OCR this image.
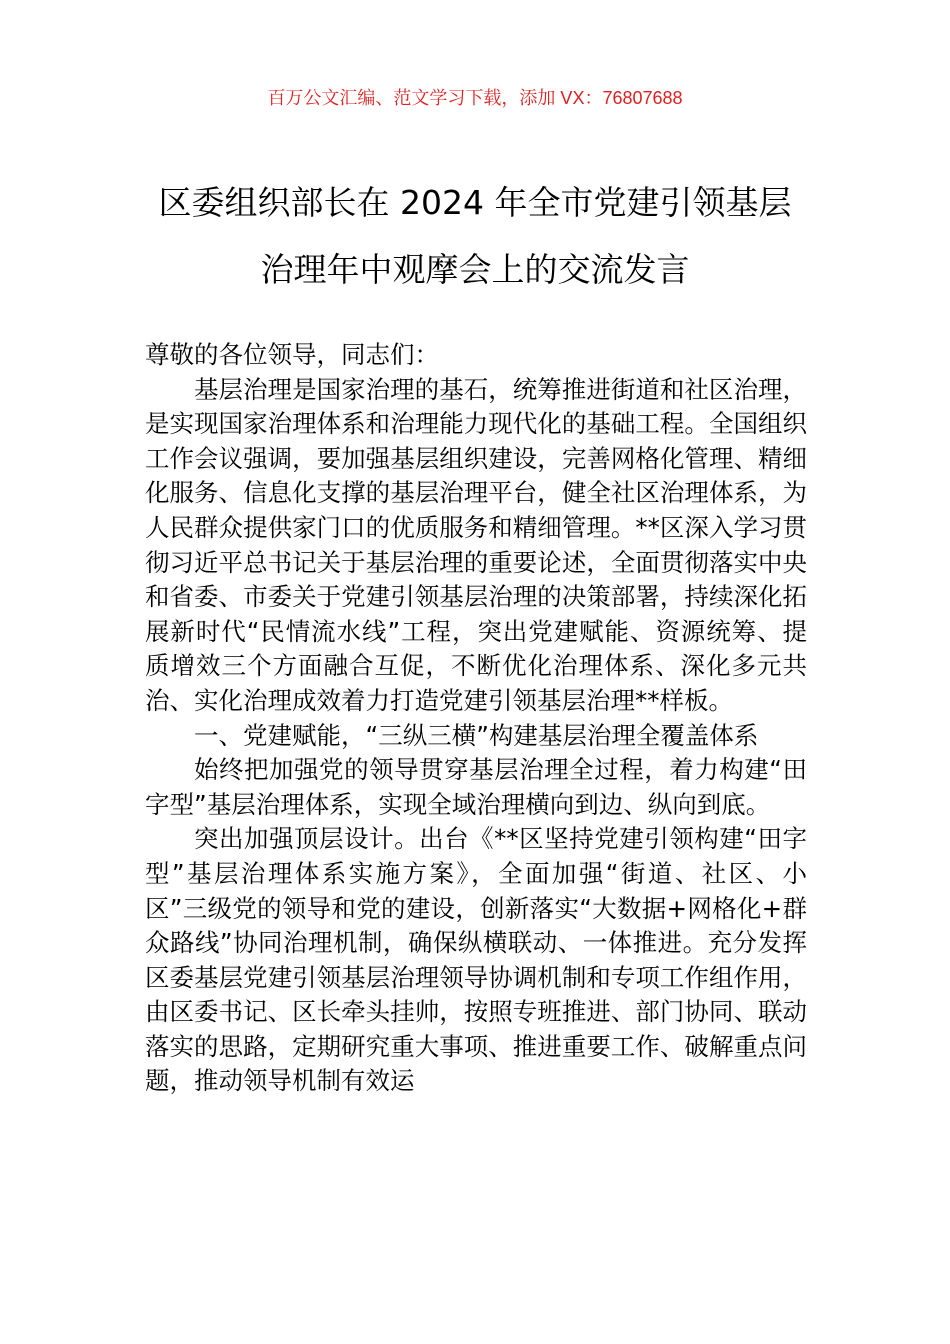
百万公文汇编、范文学习下载，添加 VX：76807688
区委组织部长在 2024 年全市党建引领基层
治理年中观摩会上的交流发言

尊敬的各位领导，同志们：

基层治理是国家治理的基石，统筹推进街道和社区治理，是实现国家治理体系和治理能力现代化的基础工程。全国组织工作会议强调，要加强基层组织建设，完善网格化管理、精细化服务、信息化支撑的基层治理平台，健全社区治理体系，为人民群众提供家门口的优质服务和精细管理。**区深入学习贯彻习近平总书记关于基层治理的重要论述，全面贯彻落实中央和省委、市委关于党建引领基层治理的决策部署，持续深化拓展新时代“民情流水线”工程，突出党建赋能、资源统筹、提质增效三个方面融合互促，不断优化治理体系、深化多元共治、实化治理成效着力打造党建引领基层治理**样板。

一、党建赋能，“三纵三横”构建基层治理全覆盖体系

始终把加强党的领导贯穿基层治理全过程，着力构建“田字型”基层治理体系，实现全域治理横向到边、纵向到底。

突出加强顶层设计。出台《**区坚持党建引领构建“田字型”基层治理体系实施方案》，全面加强“街道、社区、小区”三级党的领导和党的建设，创新落实“大数据+网格化+群众路线”协同治理机制，确保纵横联动、一体推进。充分发挥区委基层党建引领基层治理领导协调机制和专项工作组作用，由区委书记、区长牵头挂帅，按照专班推进、部门协同、联动落实的思路，定期研究重大事项、推进重要工作、破解重点问题，推动领导机制有效运
